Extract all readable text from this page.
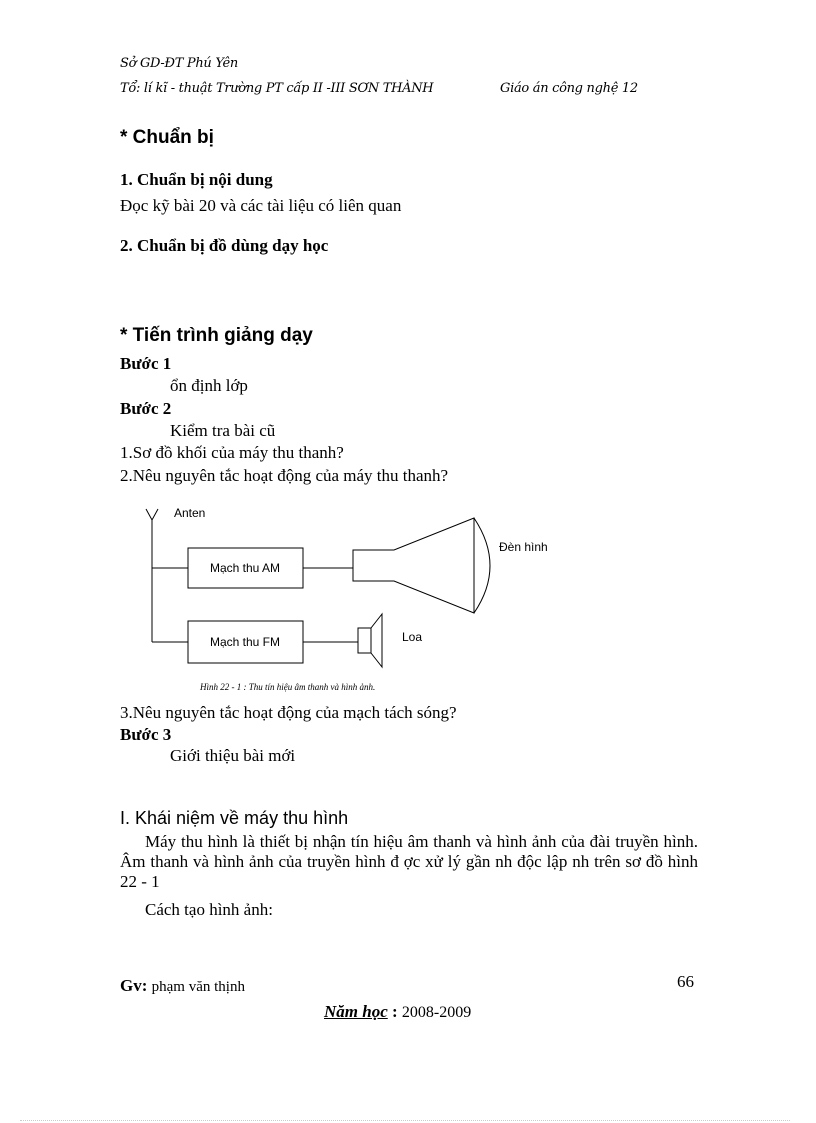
Sở GD-ĐT Phú Yên
Tổ: lí kĩ - thuật Trường PT cấp II -III SƠN THÀNH	Giáo án công nghệ 12
* Chuẩn bị
1. Chuẩn bị nội dung
Đọc kỹ bài 20 và các tài liệu có liên quan
2. Chuẩn bị đồ dùng dạy học
* Tiến trình giảng dạy
Bước 1
ổn định lớp
Bước 2
Kiểm tra bài cũ
1.Sơ đồ khối của máy thu thanh?
2.Nêu nguyên tắc hoạt động của máy thu thanh?
Anten
Mạch thu AM
Mạch thu FM
Đèn hình
Loa
Hình 22 - 1 : Thu tín hiệu âm thanh và hình ảnh.
3.Nêu nguyên tắc hoạt động của mạch tách sóng?
Bước 3
Giới thiệu bài mới
I. Khái niệm về máy thu hình
Máy thu hình là thiết bị nhận tín hiệu âm thanh và hình ảnh của đài truyền hình. Âm thanh và hình ảnh của truyền hình đ ợc xử lý gần nh độc lập nh trên sơ đồ hình 22 - 1
Cách tạo hình ảnh:
Gv: phạm văn thịnh	66
Năm học : 2008-2009
